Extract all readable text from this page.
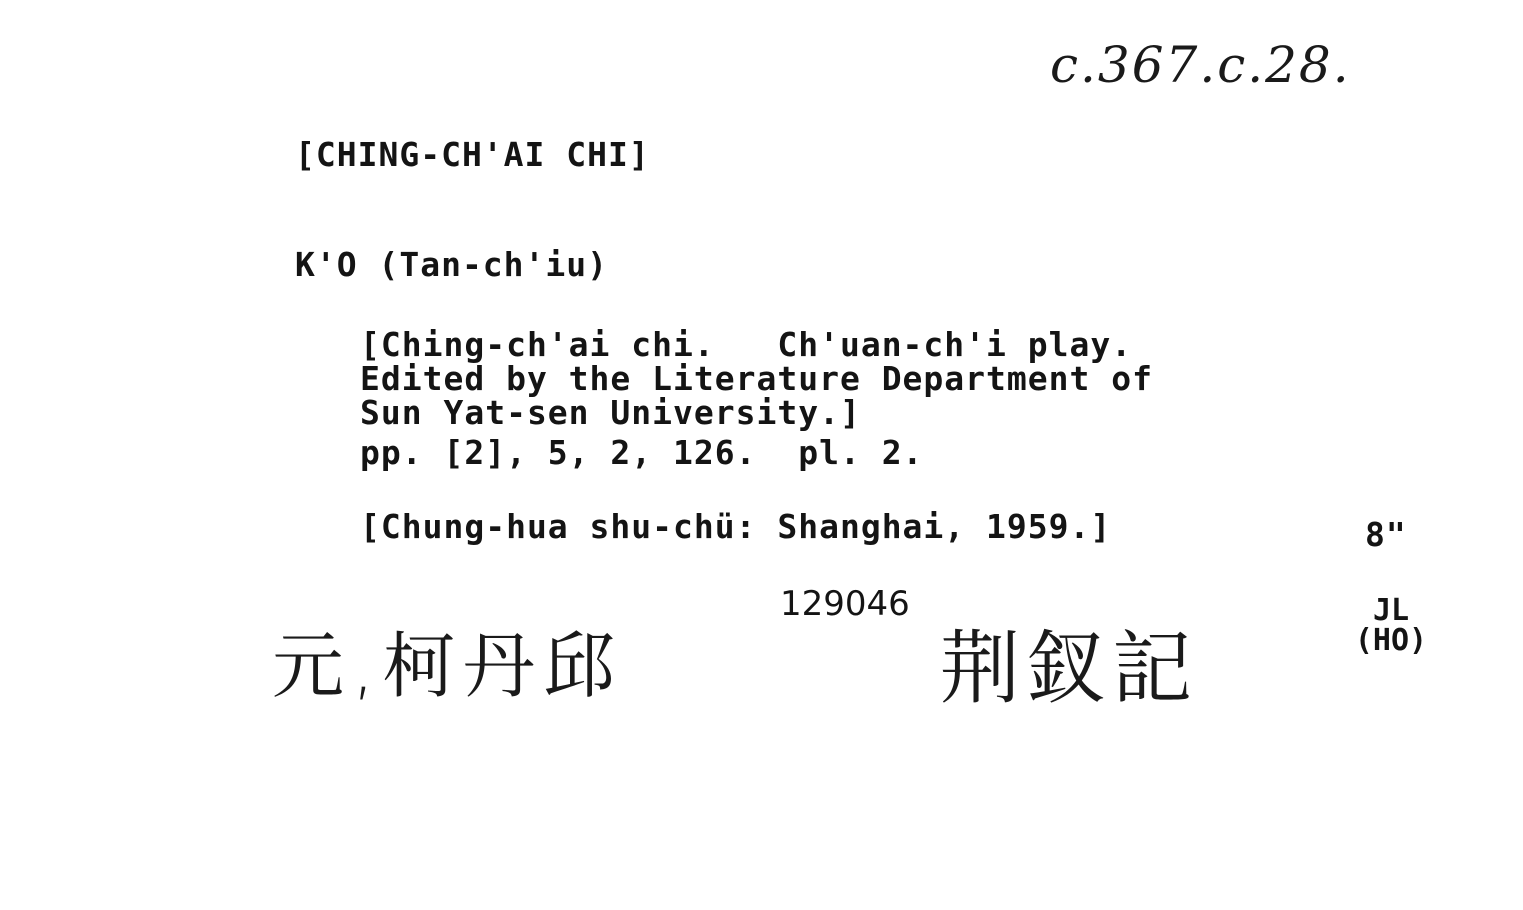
c.367.c.28.
[CHING-CH'AI CHI]
K'O (Tan-ch'iu)
[Ching-ch'ai chi.   Ch'uan-ch'i play.
Edited by the Literature Department of
Sun Yat-sen University.]
pp. [2], 5, 2, 126.  pl. 2.
[Chung-hua shu-chü: Shanghai, 1959.]	8"
129046
元,柯丹邱	荆釵記
JL
(HO)
